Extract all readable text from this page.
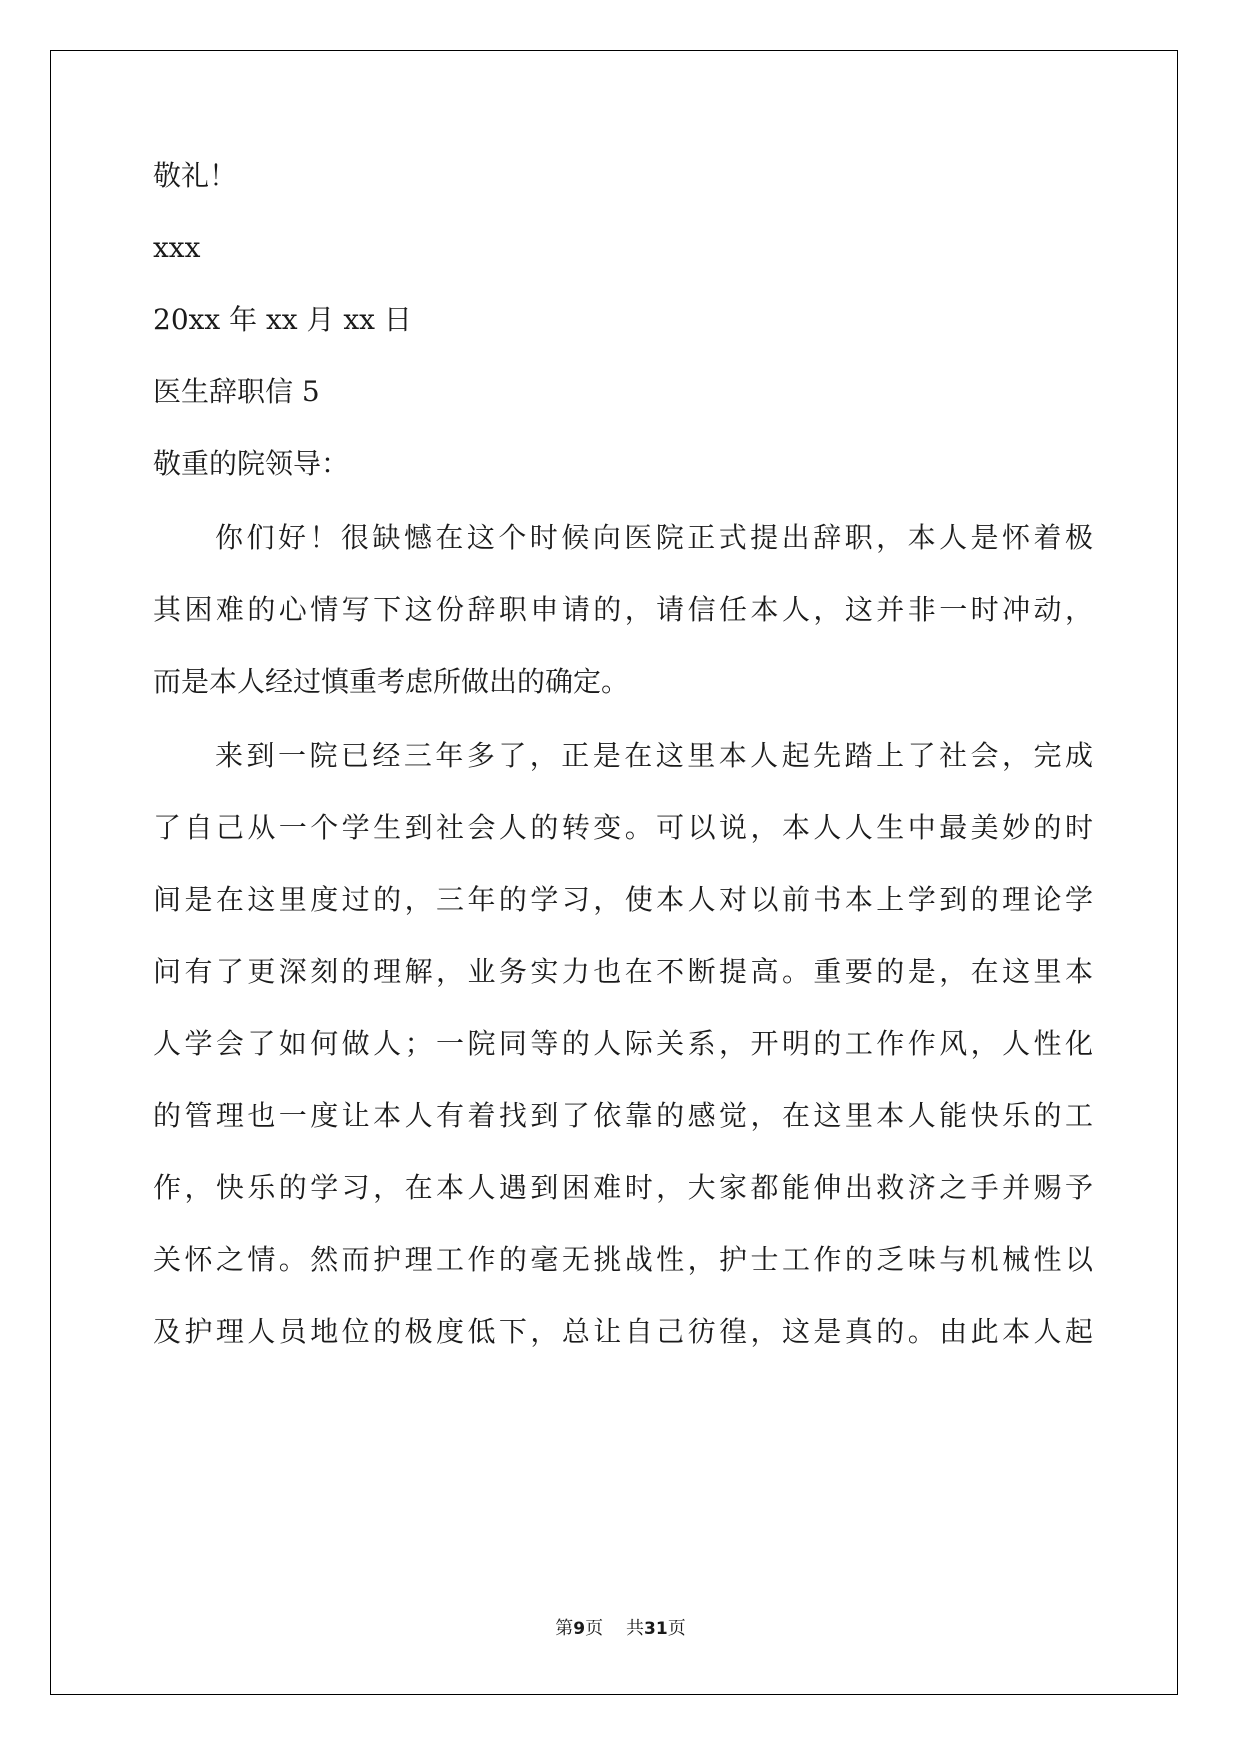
敬礼！
xxx
20xx 年 xx 月 xx 日
医生辞职信 5
敬重的院领导：
你们好！很缺憾在这个时候向医院正式提出辞职，本人是怀着极
其困难的心情写下这份辞职申请的，请信任本人，这并非一时冲动，
而是本人经过慎重考虑所做出的确定。
来到一院已经三年多了，正是在这里本人起先踏上了社会，完成
了自己从一个学生到社会人的转变。可以说，本人人生中最美妙的时
间是在这里度过的，三年的学习，使本人对以前书本上学到的理论学
问有了更深刻的理解，业务实力也在不断提高。重要的是，在这里本
人学会了如何做人；一院同等的人际关系，开明的工作作风，人性化
的管理也一度让本人有着找到了依靠的感觉，在这里本人能快乐的工
作，快乐的学习，在本人遇到困难时，大家都能伸出救济之手并赐予
关怀之情。然而护理工作的毫无挑战性，护士工作的乏味与机械性以
及护理人员地位的极度低下，总让自己彷徨，这是真的。由此本人起
第9页 共31页
